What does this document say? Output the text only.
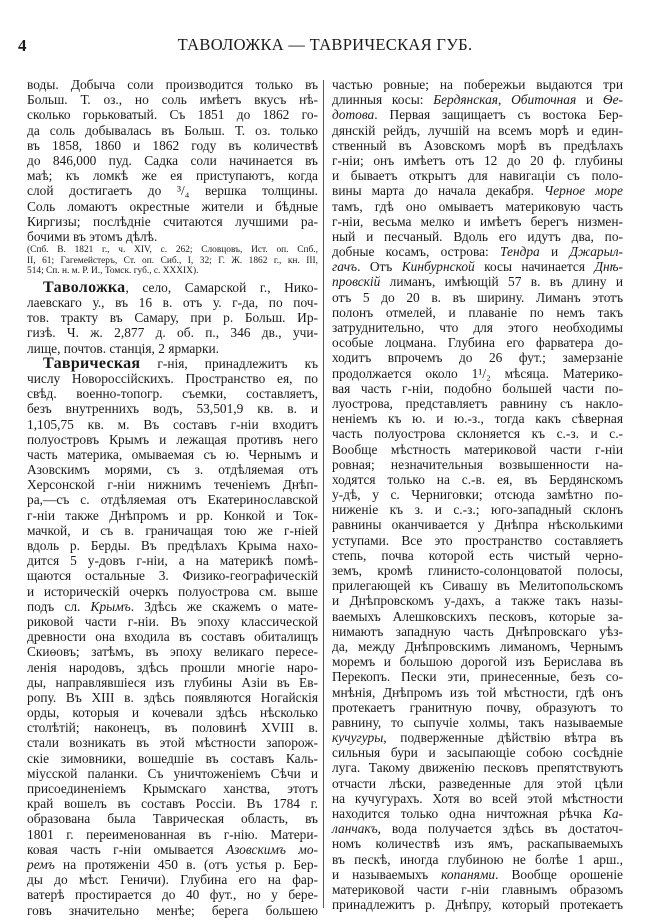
4	ТАВОЛОЖКА — ТАВРИЧЕСКАЯ ГУБ.
воды. Добыча соли производится только въ
Больш. Т. оз., но соль имѣетъ вкусъ нѣ-
сколько горьковатый. Съ 1851 до 1862 го-
да соль добывалась въ Больш. Т. оз. только
въ 1858, 1860 и 1862 году въ количествѣ
до 846,000 пуд. Садка соли начинается въ
маѣ; къ ломкѣ же ея приступаютъ, когда
слой достигаетъ до ³/₄ вершка толщины.
Соль ломаютъ окрестные жители и бѣдные
Киргизы; послѣдніе считаются лучшими ра-
бочими въ этомъ дѣлѣ.
(Спб. В. 1821 г., ч. XIV, с. 262; Словцовъ, Ист. оп. Спб.,
II, 61; Гагемейстеръ, Ст. оп. Сиб., I, 32; Г. Ж. 1862 г., кн. III,
514; Сп. н. м. Р. И., Томск. губ., с. XXXIX).
Таволожка, село, Самарской г., Нико-
лаевскаго у., въ 16 в. отъ у. г-да, по поч-
тов. тракту въ Самару, при р. Больш. Ир-
гизѣ. Ч. ж. 2,877 д. об. п., 346 дв., учи-
лище, почтов. станція, 2 ярмарки.
Таврическая г-нія, принадлежитъ къ
числу Новороссійскихъ. Пространство ея, по
свѣд. военно-топогр. съемки, составляетъ,
безъ внутреннихъ водъ, 53,501,9 кв. в. и
1,105,75 кв. м. Въ составъ г-ніи входитъ
полуостровъ Крымъ и лежащая противъ него
часть материка, омываемая съ ю. Чернымъ и
Азовскимъ морями, съ з. отдѣляемая отъ
Херсонской г-ніи нижнимъ теченіемъ Днѣп-
ра,—съ с. отдѣляемая отъ Екатеринославской
г-ніи также Днѣпромъ и рр. Конкой и Ток-
мачкой, и съ в. граничащая тою же г-ніей
вдоль р. Берды. Въ предѣлахъ Крыма нахо-
дится 5 у-довъ г-ніи, а на материкѣ помѣ-
щаются остальные 3. Физико-географическій
и историческій очеркъ полуострова см. выше
подъ сл. Крымъ. Здѣсь же скажемъ о мате-
риковой части г-ніи. Въ эпоху классической
древности она входила въ составъ обиталищъ
Скиѳовъ; затѣмъ, въ эпоху великаго пересе-
ленія народовъ, здѣсь прошли многіе наро-
ды, направлявшіеся изъ глубины Азіи въ Ев-
ропу. Въ XIII в. здѣсь появляются Ногайскія
орды, которыя и кочевали здѣсь нѣсколько
столѣтій; наконецъ, въ половинѣ XVIII в.
стали возникать въ этой мѣстности запорож-
скіе зимовники, вошедшіе въ составъ Каль-
міусской паланки. Съ уничтоженіемъ Сѣчи и
присоединеніемъ Крымскаго ханства, этотъ
край вошелъ въ составъ Россіи. Въ 1784 г.
образована была Таврическая область, въ
1801 г. переименованная въ г-нію. Матери-
ковая часть г-ніи омывается Азовскимъ мо-
ремъ на протяженіи 450 в. (отъ устья р. Бер-
ды до мѣст. Геничи). Глубина его на фар-
ватерѣ простирается до 40 фут., но у бере-
говъ значительно менѣе; берега большею
частью ровные; на побережьи выдаются три
длинныя косы: Бердянская, Обиточная и Ѳе-
дотова. Первая защищаетъ съ востока Бер-
дянскій рейдъ, лучшій на всемъ морѣ и един-
ственный въ Азовскомъ морѣ въ предѣлахъ
г-ніи; онъ имѣетъ отъ 12 до 20 ф. глубины
и бываетъ открытъ для навигаціи съ поло-
вины марта до начала декабря. Черное море
тамъ, гдѣ оно омываетъ материковую часть
г-ніи, весьма мелко и имѣетъ берегъ низмен-
ный и песчаный. Вдоль его идутъ два, по-
добные косамъ, острова: Тендра и Джарыл-
гачъ. Отъ Кинбурнской косы начинается Днѣ-
провскій лиманъ, имѣющій 57 в. въ длину и
отъ 5 до 20 в. въ ширину. Лиманъ этотъ
полонъ отмелей, и плаваніе по немъ такъ
затруднительно, что для этого необходимы
особые лоцмана. Глубина его фарватера до-
ходитъ впрочемъ до 26 фут.; замерзаніе
продолжается около 1¹/₂ мѣсяца. Материко-
вая часть г-ніи, подобно большей части по-
луострова, представляетъ равнину съ накло-
неніемъ къ ю. и ю.-з., тогда какъ сѣверная
часть полуострова склоняется къ с.-з. и с.-
Вообще мѣстность материковой части г-ніи
ровная; незначительныя возвышенности на-
ходятся только на с.-в. ея, въ Бердянскомъ
у-дѣ, у с. Черниговки; отсюда замѣтно по-
ниженіе къ з. и с.-з.; юго-западный склонъ
равнины оканчивается у Днѣпра нѣсколькими
уступами. Все это пространство составляетъ
степь, почва которой есть чистый черно-
земъ, кромѣ глинисто-солонцоватой полосы,
прилегающей къ Сивашу въ Мелитопольскомъ
и Днѣпровскомъ у-дахъ, а также такъ назы-
ваемыхъ Алешковскихъ песковъ, которые за-
нимаютъ западную часть Днѣпровскаго уѣз-
да, между Днѣпровскимъ лиманомъ, Чернымъ
моремъ и большою дорогой изъ Берислава въ
Перекопъ. Пески эти, принесенные, безъ со-
мнѣнія, Днѣпромъ изъ той мѣстности, гдѣ онъ
протекаетъ гранитную почву, образуютъ то
равнину, то сыпучіе холмы, такъ называемые
кучугуры, подверженные дѣйствію вѣтра въ
сильныя бури и засыпающіе собою сосѣдніе
луга. Такому движенію песковъ препятствуютъ
отчасти лѣски, разведенные для этой цѣли
на кучугурахъ. Хотя во всей этой мѣстности
находится только одна ничтожная рѣчка Ка-
ланчакъ, вода получается здѣсь въ достаточ-
номъ количествѣ изъ ямъ, раскапываемыхъ
въ пескѣ, иногда глубиною не болѣе 1 арш.,
и называемыхъ копанями. Вообще орошеніе
материковой части г-ніи главнымъ образомъ
принадлежитъ р. Днѣпру, который протекаетъ
